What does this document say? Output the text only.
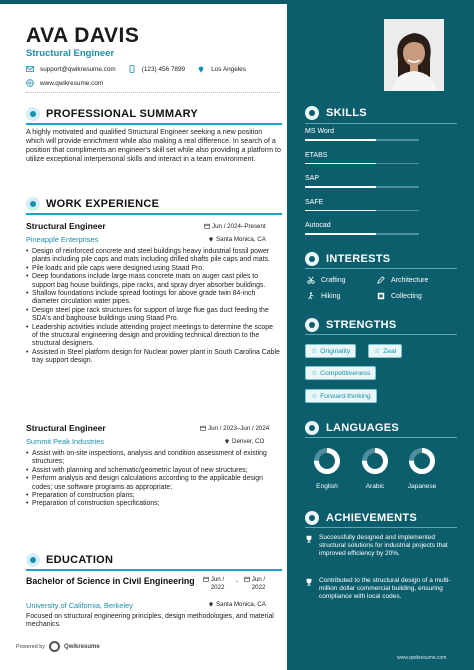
AVA DAVIS
Structural Engineer
support@qwikresume.com	(123) 456 7899	Los Angeles
www.qwikresume.com
PROFESSIONAL SUMMARY
A highly motivated and qualified Structural Engineer seeking a new position which will provide enrichment while also making a real difference. In search of a position that compliments an engineer's skill set while also providing a platform to utilize exceptional interpersonal skills and interact in a team environment.
WORK EXPERIENCE
Structural Engineer	Jun / 2024–Present
Pineapple Enterprises	Santa Monica, CA
• Design of reinforced concrete and steel buildings heavy industrial fossil power plants including pile caps and mats including drilled shafts pile caps and mats.
• Pile loads and pile caps were designed using Staad Pro.
• Deep foundations include large mass concrete mats on auger cast piles to support bag house buildings, pipe racks, and spray dryer absorber buildings.
• Shallow foundations include spread footings for above grade twin 84-inch diameter circulation water pipes.
• Design steel pipe rack structures for support of large flue gas duct feeding the SDA's and baghouse buildings using Staad Pro.
• Leadership activities include attending project meetings to determine the scope of the structural engineering design and providing technical direction to the structural designers.
• Assisted in Steel platform design for Nuclear power plant in South Carolina Cable tray support design.
Structural Engineer	Jun / 2023–Jun / 2024
Summit Peak Industries	Denver, CO
• Assist with on-site inspections, analysis and condition assessment of existing structures;
• Assist with planning and schematic/geometric layout of new structures;
• Perform analysis and design calculations according to the applicable design codes; use software programs as appropriate;
• Preparation of construction plans;
• Preparation of construction specifications;
EDUCATION
Bachelor of Science in Civil Engineering	Jun / 2022
-	Jun / 2022
University of California, Berkeley	Santa Monica, CA
Focused on structural engineering principles, design methodologies, and material mechanics.
Powered by	Qwikresume
SKILLS
MS Word
ETABS
SAP
SAFE
Autocad
INTERESTS
Crafting	Architecture
Hiking	Collecting
STRENGTHS
☆ Originality	☆ Zeal
☆ Competitiveness
☆ Forward-thinking
LANGUAGES
English	Arabic	Japanese
ACHIEVEMENTS
Successfully designed and implemented structural solutions for industrial projects that improved efficiency by 20%.
Contributed to the structural design of a multi-million dollar commercial building, ensuring compliance with local codes.
www.qwikresume.com
